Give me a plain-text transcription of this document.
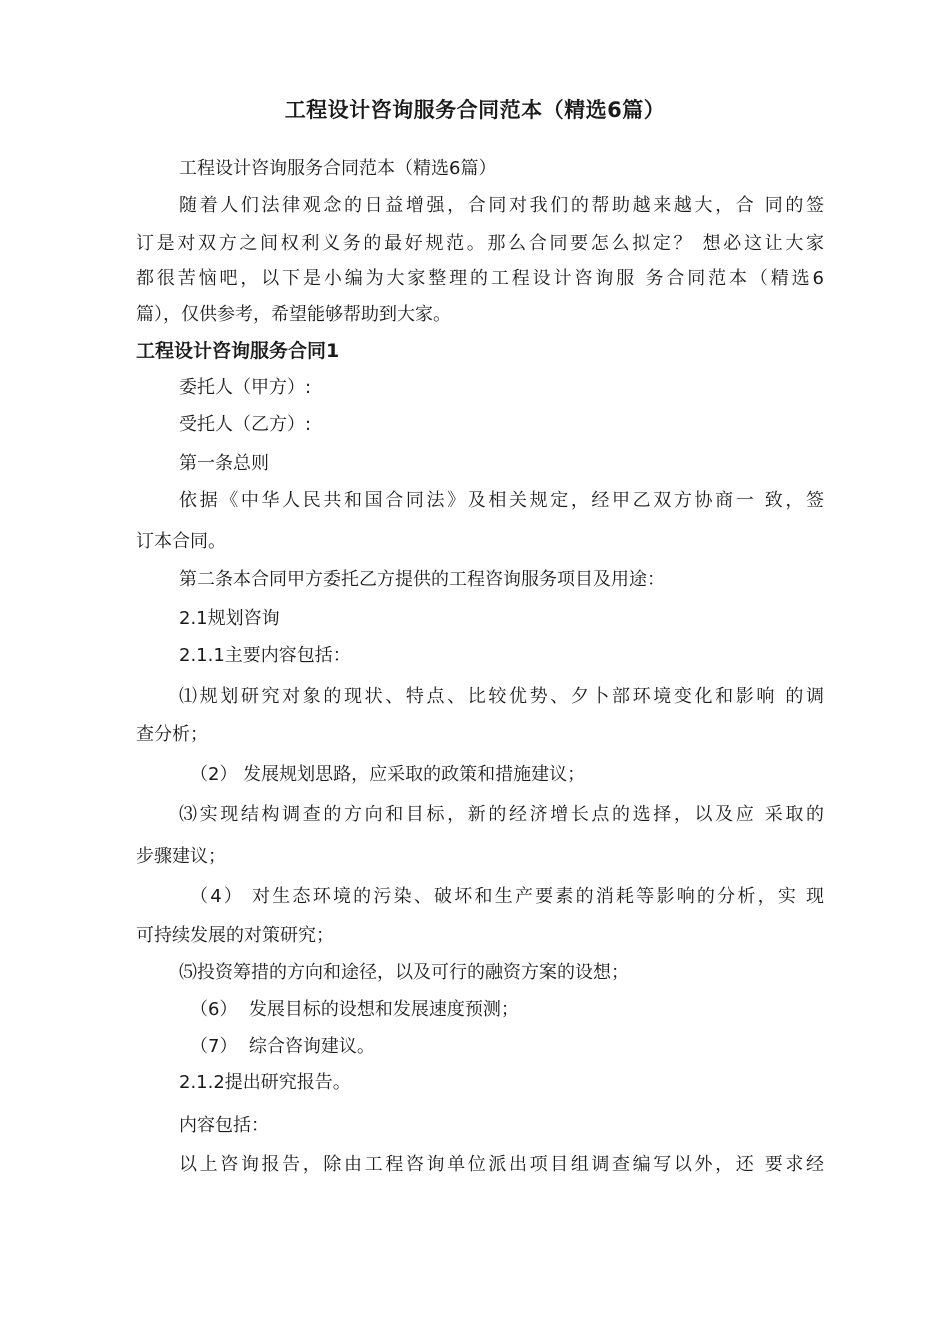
工程设计咨询服务合同范本（精选6篇）
工程设计咨询服务合同范本（精选6篇）
随着人们法律观念的日益增强，合同对我们的帮助越来越大，合 同的签
订是对双方之间权利义务的最好规范。那么合同要怎么拟定？ 想必这让大家
都很苦恼吧，以下是小编为大家整理的工程设计咨询服 务合同范本（精选6
篇），仅供参考，希望能够帮助到大家。
工程设计咨询服务合同1
委托人（甲方）:
受托人（乙方）:
第一条总则
依据《中华人民共和国合同法》及相关规定，经甲乙双方协商一 致，签
订本合同。
第二条本合同甲方委托乙方提供的工程咨询服务项目及用途：
2.1规划咨询
2.1.1主要内容包括：
⑴规划研究对象的现状、特点、比较优势、夕卜部环境变化和影响 的调
查分析；
（2） 发展规划思路，应采取的政策和措施建议；
⑶实现结构调查的方向和目标，新的经济增长点的选择，以及应 采取的
步骤建议；
（4） 对生态环境的污染、破坏和生产要素的消耗等影响的分析，实 现
可持续发展的对策研究；
⑸投资筹措的方向和途径，以及可行的融资方案的设想；
（6）  发展目标的设想和发展速度预测；
（7）  综合咨询建议。
2.1.2提出研究报告。
内容包括：
以上咨询报告，除由工程咨询单位派出项目组调查编写以外，还 要求经
